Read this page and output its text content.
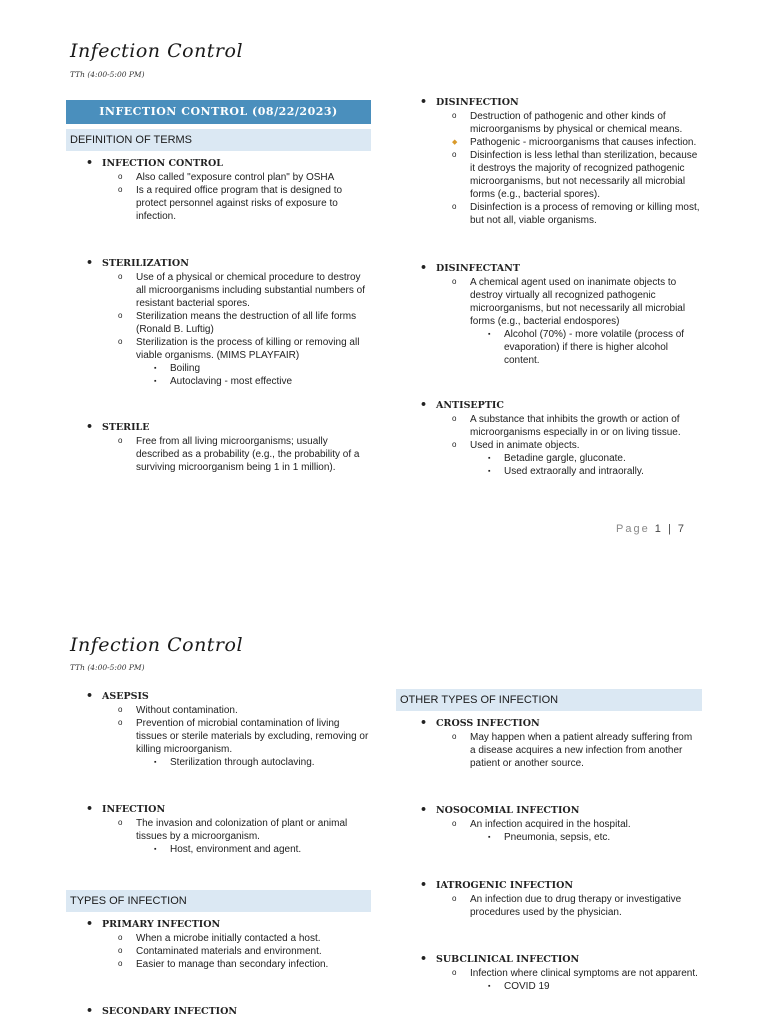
Infection Control
TTh (4:00-5:00 PM)
INFECTION CONTROL (08/22/2023)
DEFINITION OF TERMS
• INFECTION CONTROL
o Also called "exposure control plan" by OSHA
o Is a required office program that is designed to protect personnel against risks of exposure to infection.
• STERILIZATION
o Use of a physical or chemical procedure to destroy all microorganisms including substantial numbers of resistant bacterial spores.
o Sterilization means the destruction of all life forms (Ronald B. Luftig)
o Sterilization is the process of killing or removing all viable organisms. (MIMS PLAYFAIR)
▪ Boiling
▪ Autoclaving - most effective
• STERILE
o Free from all living microorganisms; usually described as a probability (e.g., the probability of a surviving microorganism being 1 in 1 million).
• DISINFECTION
o Destruction of pathogenic and other kinds of microorganisms by physical or chemical means.
◆ Pathogenic - microorganisms that causes infection.
o Disinfection is less lethal than sterilization, because it destroys the majority of recognized pathogenic microorganisms, but not necessarily all microbial forms (e.g., bacterial spores).
o Disinfection is a process of removing or killing most, but not all, viable organisms.
• DISINFECTANT
o A chemical agent used on inanimate objects to destroy virtually all recognized pathogenic microorganisms, but not necessarily all microbial forms (e.g., bacterial endospores)
▪ Alcohol (70%) - more volatile (process of evaporation) if there is higher alcohol content.
• ANTISEPTIC
o A substance that inhibits the growth or action of microorganisms especially in or on living tissue.
o Used in animate objects.
▪ Betadine gargle, gluconate.
▪ Used extraorally and intraorally.
Page 1 | 7
Infection Control
TTh (4:00-5:00 PM)
• ASEPSIS
o Without contamination.
o Prevention of microbial contamination of living tissues or sterile materials by excluding, removing or killing microorganism.
▪ Sterilization through autoclaving.
• INFECTION
o The invasion and colonization of plant or animal tissues by a microorganism.
▪ Host, environment and agent.
TYPES OF INFECTION
• PRIMARY INFECTION
o When a microbe initially contacted a host.
o Contaminated materials and environment.
o Easier to manage than secondary infection.
• SECONDARY INFECTION
OTHER TYPES OF INFECTION
• CROSS INFECTION
o May happen when a patient already suffering from a disease acquires a new infection from another patient or another source.
• NOSOCOMIAL INFECTION
o An infection acquired in the hospital.
▪ Pneumonia, sepsis, etc.
• IATROGENIC INFECTION
o An infection due to drug therapy or investigative procedures used by the physician.
• SUBCLINICAL INFECTION
o Infection where clinical symptoms are not apparent.
▪ COVID 19
